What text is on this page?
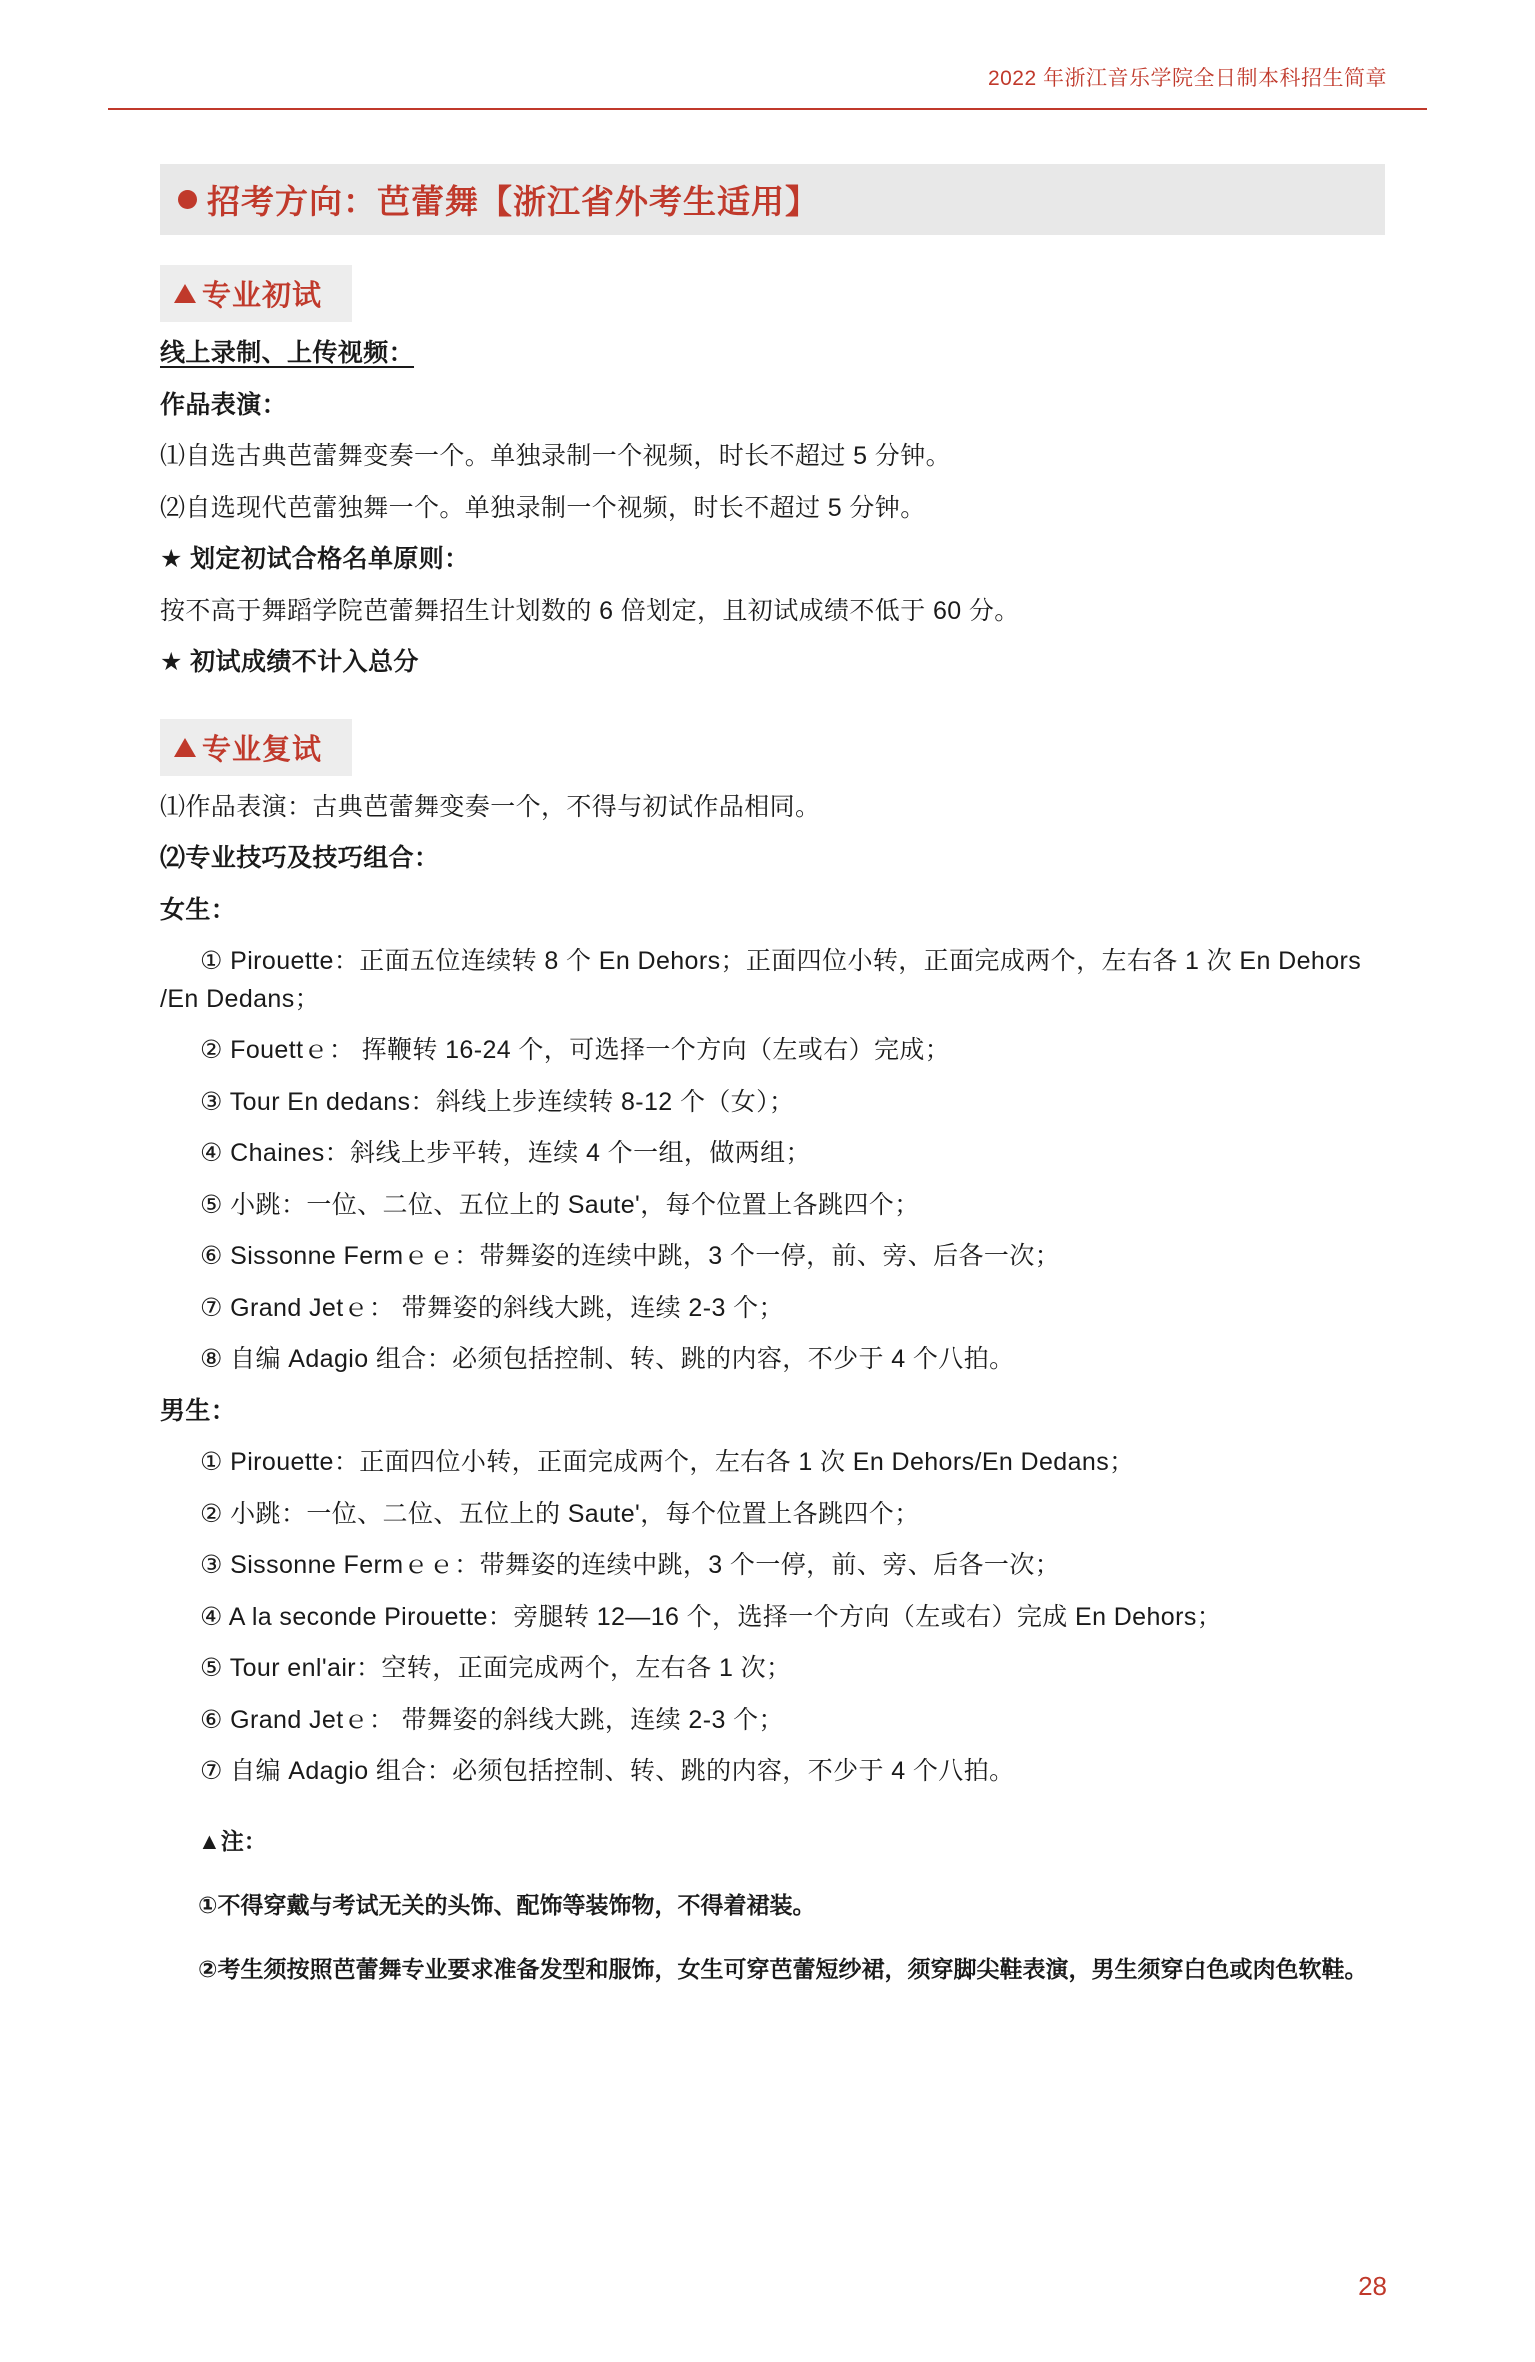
2022 年浙江音乐学院全日制本科招生简章
招考方向：芭蕾舞【浙江省外考生适用】
专业初试

线上录制、上传视频：

作品表演：

⑴自选古典芭蕾舞变奏一个。单独录制一个视频，时长不超过 5 分钟。

⑵自选现代芭蕾独舞一个。单独录制一个视频，时长不超过 5 分钟。

★ 划定初试合格名单原则：

按不高于舞蹈学院芭蕾舞招生计划数的 6 倍划定，且初试成绩不低于 60 分。

★ 初试成绩不计入总分

专业复试

⑴作品表演：古典芭蕾舞变奏一个，不得与初试作品相同。

⑵专业技巧及技巧组合：

女生：

① Pirouette：正面五位连续转 8 个 En Dehors；正面四位小转，正面完成两个，左右各 1 次 En Dehors /En Dedans；

② Fouettｅ： 挥鞭转 16-24 个，可选择一个方向（左或右）完成；

③ Tour En dedans：斜线上步连续转 8-12 个（女）；

④ Chaines：斜线上步平转，连续 4 个一组，做两组；

⑤ 小跳：一位、二位、五位上的 Saute'，每个位置上各跳四个；

⑥ Sissonne Fermｅｅ：带舞姿的连续中跳，3 个一停，前、旁、后各一次；

⑦ Grand Jetｅ： 带舞姿的斜线大跳，连续 2-3 个；

⑧ 自编 Adagio 组合：必须包括控制、转、跳的内容，不少于 4 个八拍。

男生：

① Pirouette：正面四位小转，正面完成两个，左右各 1 次 En Dehors/En Dedans；

② 小跳：一位、二位、五位上的 Saute'，每个位置上各跳四个；

③ Sissonne Fermｅｅ：带舞姿的连续中跳，3 个一停，前、旁、后各一次；

④ A la seconde Pirouette：旁腿转 12—16 个，选择一个方向（左或右）完成 En Dehors；

⑤ Tour enl'air：空转，正面完成两个，左右各 1 次；

⑥ Grand Jetｅ： 带舞姿的斜线大跳，连续 2-3 个；

⑦ 自编 Adagio 组合：必须包括控制、转、跳的内容，不少于 4 个八拍。

▲注：

①不得穿戴与考试无关的头饰、配饰等装饰物，不得着裙装。

②考生须按照芭蕾舞专业要求准备发型和服饰，女生可穿芭蕾短纱裙，须穿脚尖鞋表演，男生须穿白色或肉色软鞋。

28
